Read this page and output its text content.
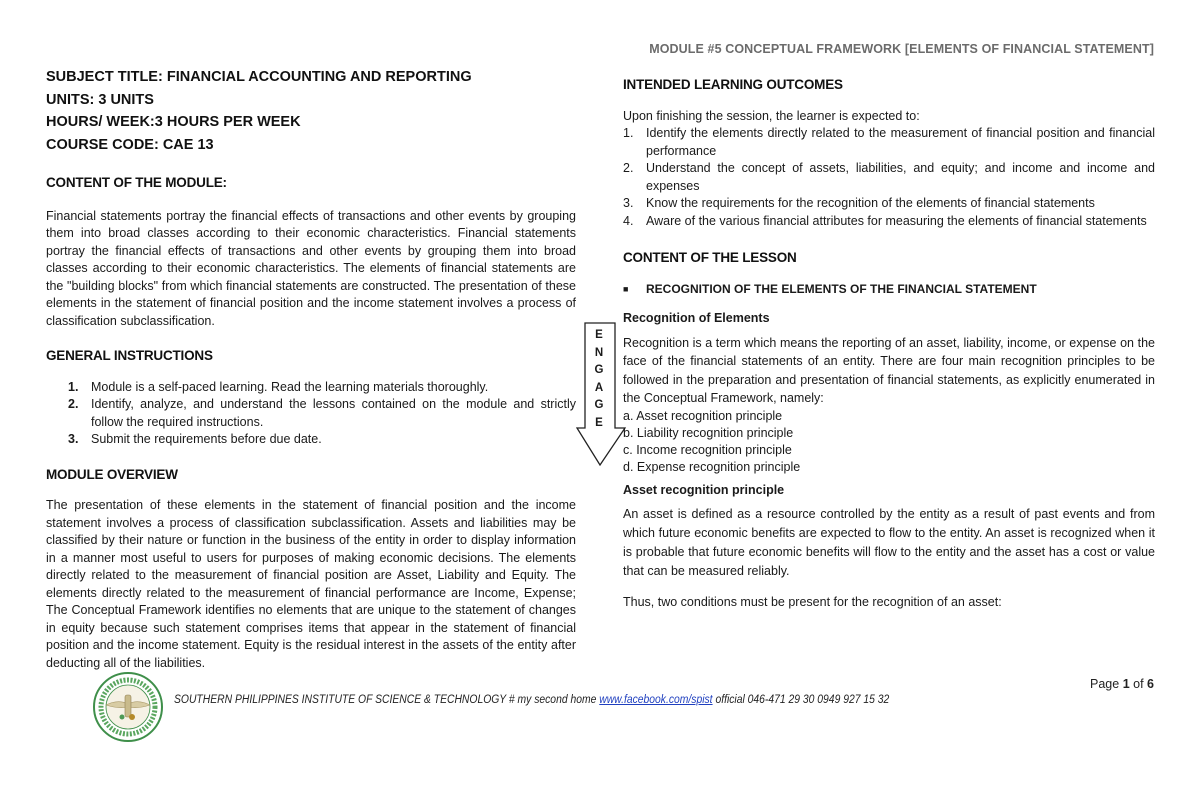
MODULE #5 CONCEPTUAL FRAMEWORK [ELEMENTS OF FINANCIAL STATEMENT]
SUBJECT TITLE: FINANCIAL ACCOUNTING AND REPORTING
UNITS: 3 UNITS
HOURS/ WEEK:3 HOURS PER WEEK
COURSE CODE: CAE 13
CONTENT OF THE MODULE:

Financial statements portray the financial effects of transactions and other events by grouping them into broad classes according to their economic characteristics. Financial statements portray the financial effects of transactions and other events by grouping them into broad classes according to their economic characteristics. The elements of financial statements are the "building blocks" from which financial statements are constructed. The presentation of these elements in the statement of financial position and the income statement involves a process of classification subclassification.

GENERAL INSTRUCTIONS
1.	Module is a self-paced learning. Read the learning materials thoroughly.
2.	Identify, analyze, and understand the lessons contained on the module and strictly follow the required instructions.
3.	Submit the requirements before due date.
MODULE OVERVIEW

The presentation of these elements in the statement of financial position and the income statement involves a process of classification subclassification. Assets and liabilities may be classified by their nature or function in the business of the entity in order to display information in a manner most useful to users for purposes of making economic decisions. The elements directly related to the measurement of financial position are Asset, Liability and Equity. The elements directly related to the measurement of financial performance are Income, Expense; The Conceptual Framework identifies no elements that are unique to the statement of changes in equity because such statement comprises items that appear in the statement of financial position and the income statement. Equity is the residual interest in the assets of the entity after deducting all of the liabilities.

E
N
G
A
G
E
INTENDED LEARNING OUTCOMES

Upon finishing the session, the learner is expected to:

1.	Identify the elements directly related to the measurement of financial position and financial performance
2.	Understand the concept of assets, liabilities, and equity; and income and income and expenses
3.	Know the requirements for the recognition of the elements of financial statements
4.	Aware of the various financial attributes for measuring the elements of financial statements
CONTENT OF THE LESSON
■	RECOGNITION OF THE ELEMENTS OF THE FINANCIAL STATEMENT
Recognition of Elements

Recognition is a term which means the reporting of an asset, liability, income, or expense on the face of the financial statements of an entity. There are four main recognition principles to be followed in the preparation and presentation of financial statements, as explicitly enumerated in the Conceptual Framework, namely:

a. Asset recognition principle
b. Liability recognition principle
c. Income recognition principle
d. Expense recognition principle
Asset recognition principle

An asset is defined as a resource controlled by the entity as a result of past events and from which future economic benefits are expected to flow to the entity. An asset is recognized when it is probable that future economic benefits will flow to the entity and the asset has a cost or value that can be measured reliably.

Thus, two conditions must be present for the recognition of an asset:

SOUTHERN PHILIPPINES INSTITUTE OF SCIENCE & TECHNOLOGY # my second home www.facebook.com/spist official 046-471 29 30 0949 927 15 32
Page 1 of 6
